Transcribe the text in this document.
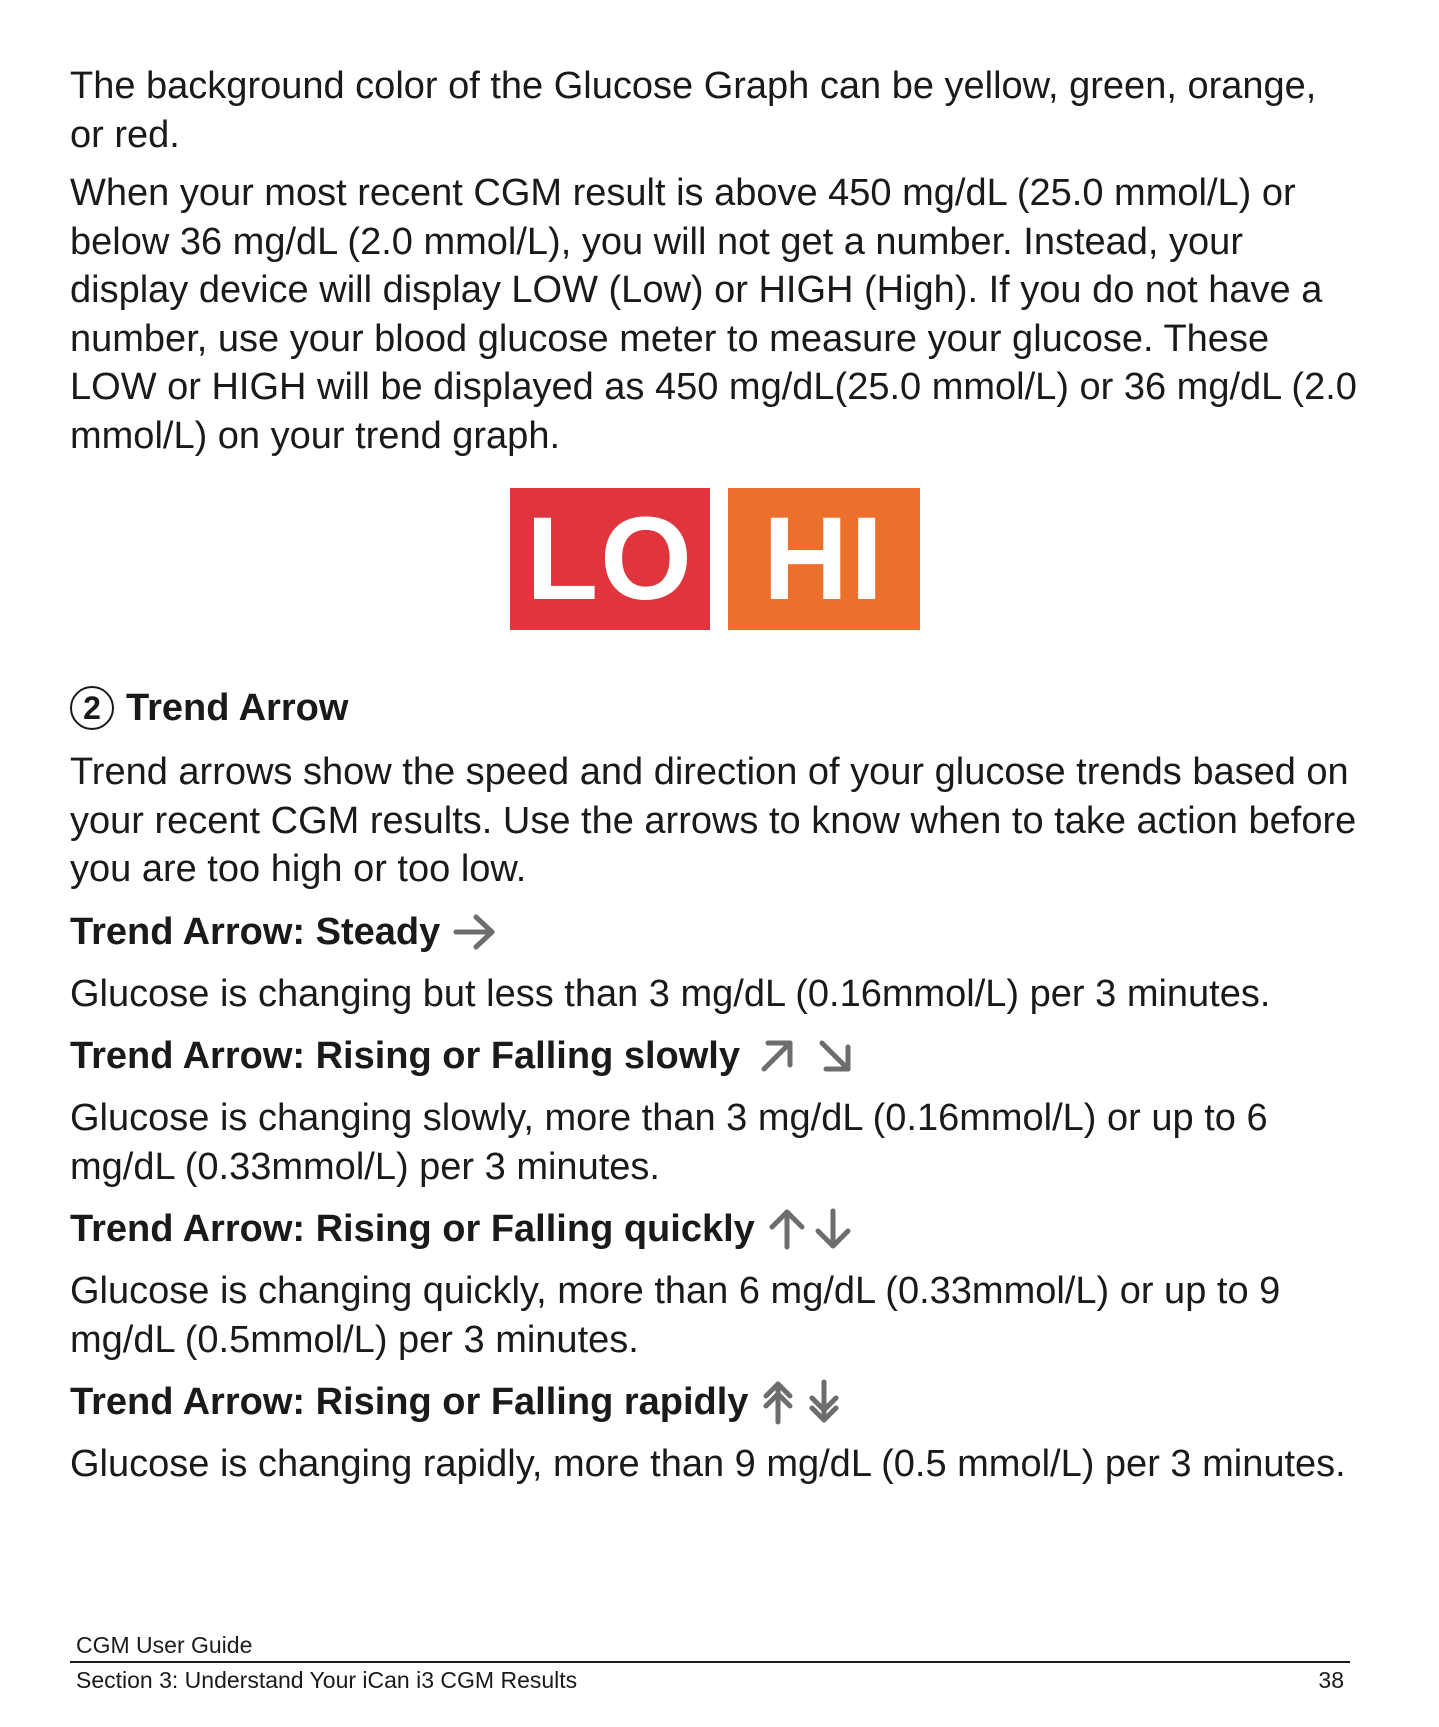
The background color of the Glucose Graph can be yellow, green, orange, or red.

When your most recent CGM result is above 450 mg/dL (25.0 mmol/L) or below 36 mg/dL (2.0 mmol/L), you will not get a number. Instead, your display device will display LOW (Low) or HIGH (High). If you do not have a number, use your blood glucose meter to measure your glucose. These LOW or HIGH will be displayed as 450 mg/dL(25.0 mmol/L) or 36 mg/dL (2.0 mmol/L) on your trend graph.

LO HI
2 Trend Arrow

Trend arrows show the speed and direction of your glucose trends based on your recent CGM results. Use the arrows to know when to take action before you are too high or too low.

Trend Arrow: Steady

Glucose is changing but less than 3 mg/dL (0.16mmol/L) per 3 minutes.

Trend Arrow: Rising or Falling slowly

Glucose is changing slowly, more than 3 mg/dL (0.16mmol/L) or up to 6 mg/dL (0.33mmol/L) per 3 minutes.

Trend Arrow: Rising or Falling quickly

Glucose is changing quickly, more than 6 mg/dL (0.33mmol/L) or up to 9 mg/dL (0.5mmol/L) per 3 minutes.

Trend Arrow: Rising or Falling rapidly

Glucose is changing rapidly, more than 9 mg/dL (0.5 mmol/L) per 3 minutes.

CGM User Guide
Section 3: Understand Your iCan i3 CGM Results	38
